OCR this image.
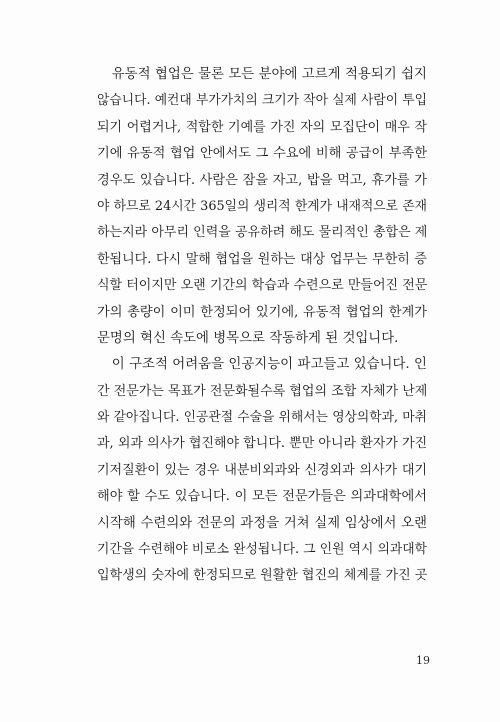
유동적 협업은 물론 모든 분야에 고르게 적용되기 쉽지
않습니다. 예컨대 부가가치의 크기가 작아 실제 사람이 투입
되기 어렵거나, 적합한 기예를 가진 자의 모집단이 매우 작
기에 유동적 협업 안에서도 그 수요에 비해 공급이 부족한
경우도 있습니다. 사람은 잠을 자고, 밥을 먹고, 휴가를 가
야 하므로 24시간 365일의 생리적 한계가 내재적으로 존재
하는지라 아무리 인력을 공유하려 해도 물리적인 총합은 제
한됩니다. 다시 말해 협업을 원하는 대상 업무는 무한히 증
식할 터이지만 오랜 기간의 학습과 수련으로 만들어진 전문
가의 총량이 이미 한정되어 있기에, 유동적 협업의 한계가
문명의 혁신 속도에 병목으로 작동하게 된 것입니다.
이 구조적 어려움을 인공지능이 파고들고 있습니다. 인
간 전문가는 목표가 전문화될수록 협업의 조합 자체가 난제
와 같아집니다. 인공관절 수술을 위해서는 영상의학과, 마취
과, 외과 의사가 협진해야 합니다. 뿐만 아니라 환자가 가진
기저질환이 있는 경우 내분비외과와 신경외과 의사가 대기
해야 할 수도 있습니다. 이 모든 전문가들은 의과대학에서
시작해 수련의와 전문의 과정을 거쳐 실제 임상에서 오랜
기간을 수련해야 비로소 완성됩니다. 그 인원 역시 의과대학
입학생의 숫자에 한정되므로 원활한 협진의 체계를 가진 곳
19
